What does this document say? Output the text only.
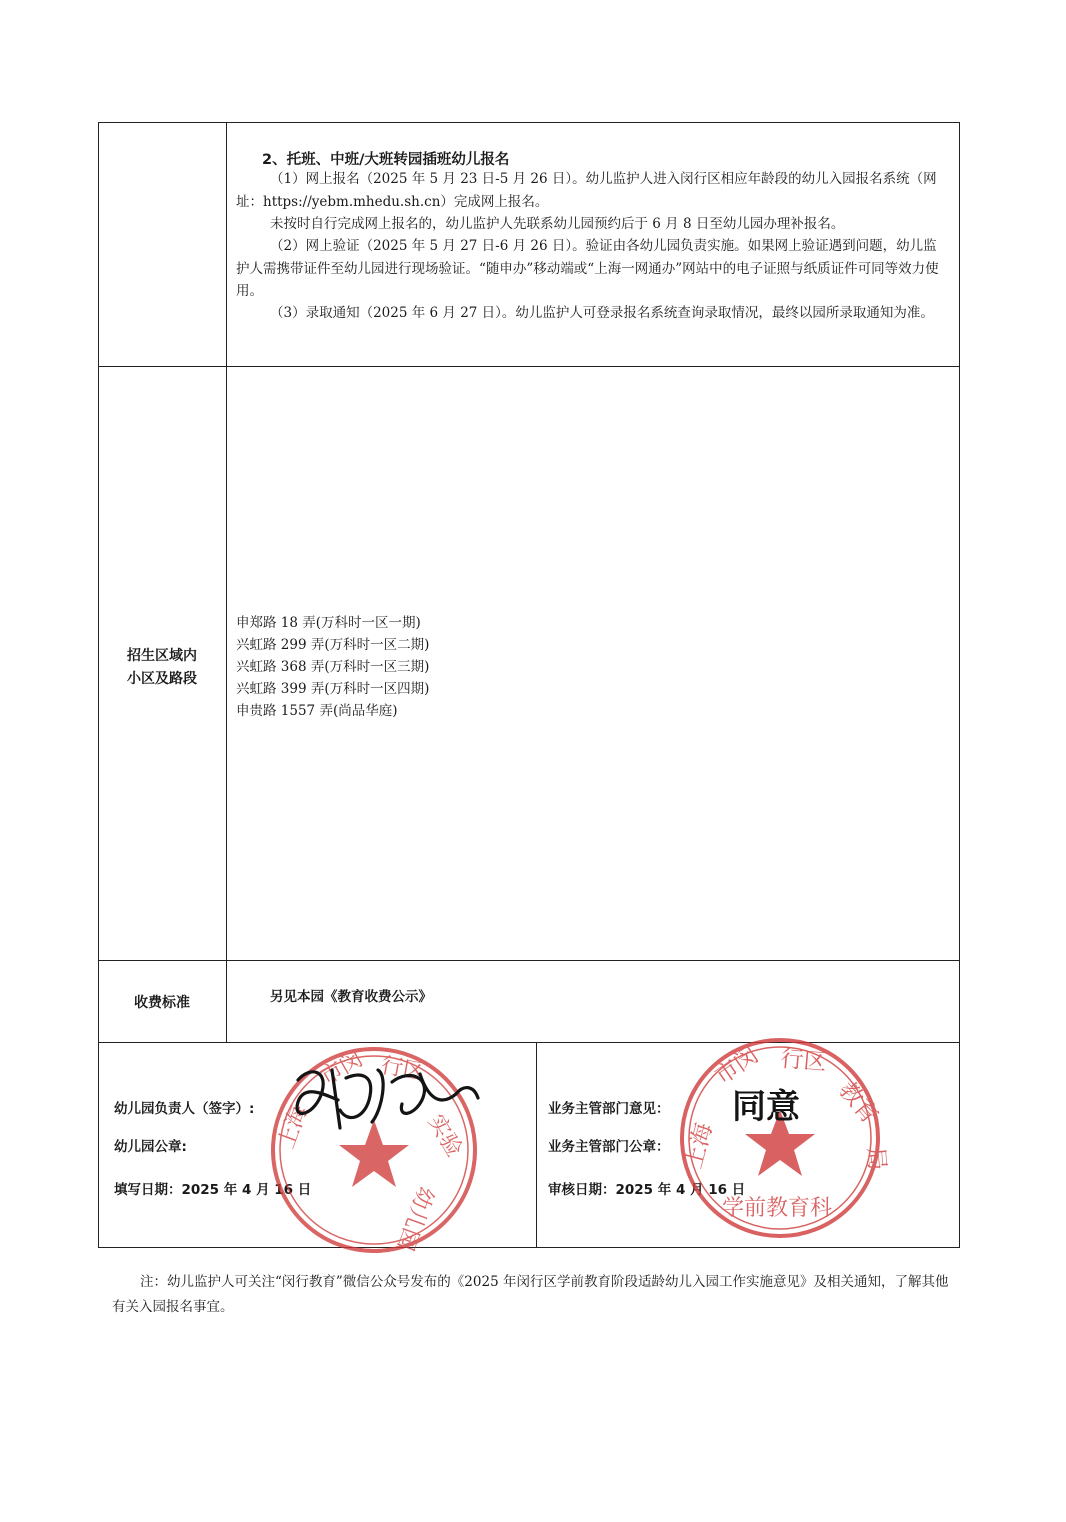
2、托班、中班/大班转园插班幼儿报名

（1）网上报名（2025 年 5 月 23 日-5 月 26 日）。幼儿监护人进入闵行区相应年龄段的幼儿入园报名系统（网址：https://yebm.mhedu.sh.cn）完成网上报名。

未按时自行完成网上报名的，幼儿监护人先联系幼儿园预约后于 6 月 8 日至幼儿园办理补报名。

（2）网上验证（2025 年 5 月 27 日-6 月 26 日）。验证由各幼儿园负责实施。如果网上验证遇到问题，幼儿监护人需携带证件至幼儿园进行现场验证。“随申办”移动端或“上海一网通办”网站中的电子证照与纸质证件可同等效力使用。

（3）录取通知（2025 年 6 月 27 日）。幼儿监护人可登录报名系统查询录取情况，最终以园所录取通知为准。

招生区域内
小区及路段
申郑路 18 弄(万科时一区一期)
兴虹路 299 弄(万科时一区二期)
兴虹路 368 弄(万科时一区三期)
兴虹路 399 弄(万科时一区四期)
申贵路 1557 弄(尚品华庭)
收费标准	另见本园《教育收费公示》
幼儿园负责人（签字）:
幼儿园公章:
填写日期：2025 年 4 月 16 日
业务主管部门意见：
业务主管部门公章：
审核日期：2025 年 4 月 16 日
上海
市闵 行区
实验
幼儿园
上海
市闵 行区
教育
局
学前教育科
同意

注：幼儿监护人可关注“闵行教育”微信公众号发布的《2025 年闵行区学前教育阶段适龄幼儿入园工作实施意见》及相关通知，了解其他有关入园报名事宜。
